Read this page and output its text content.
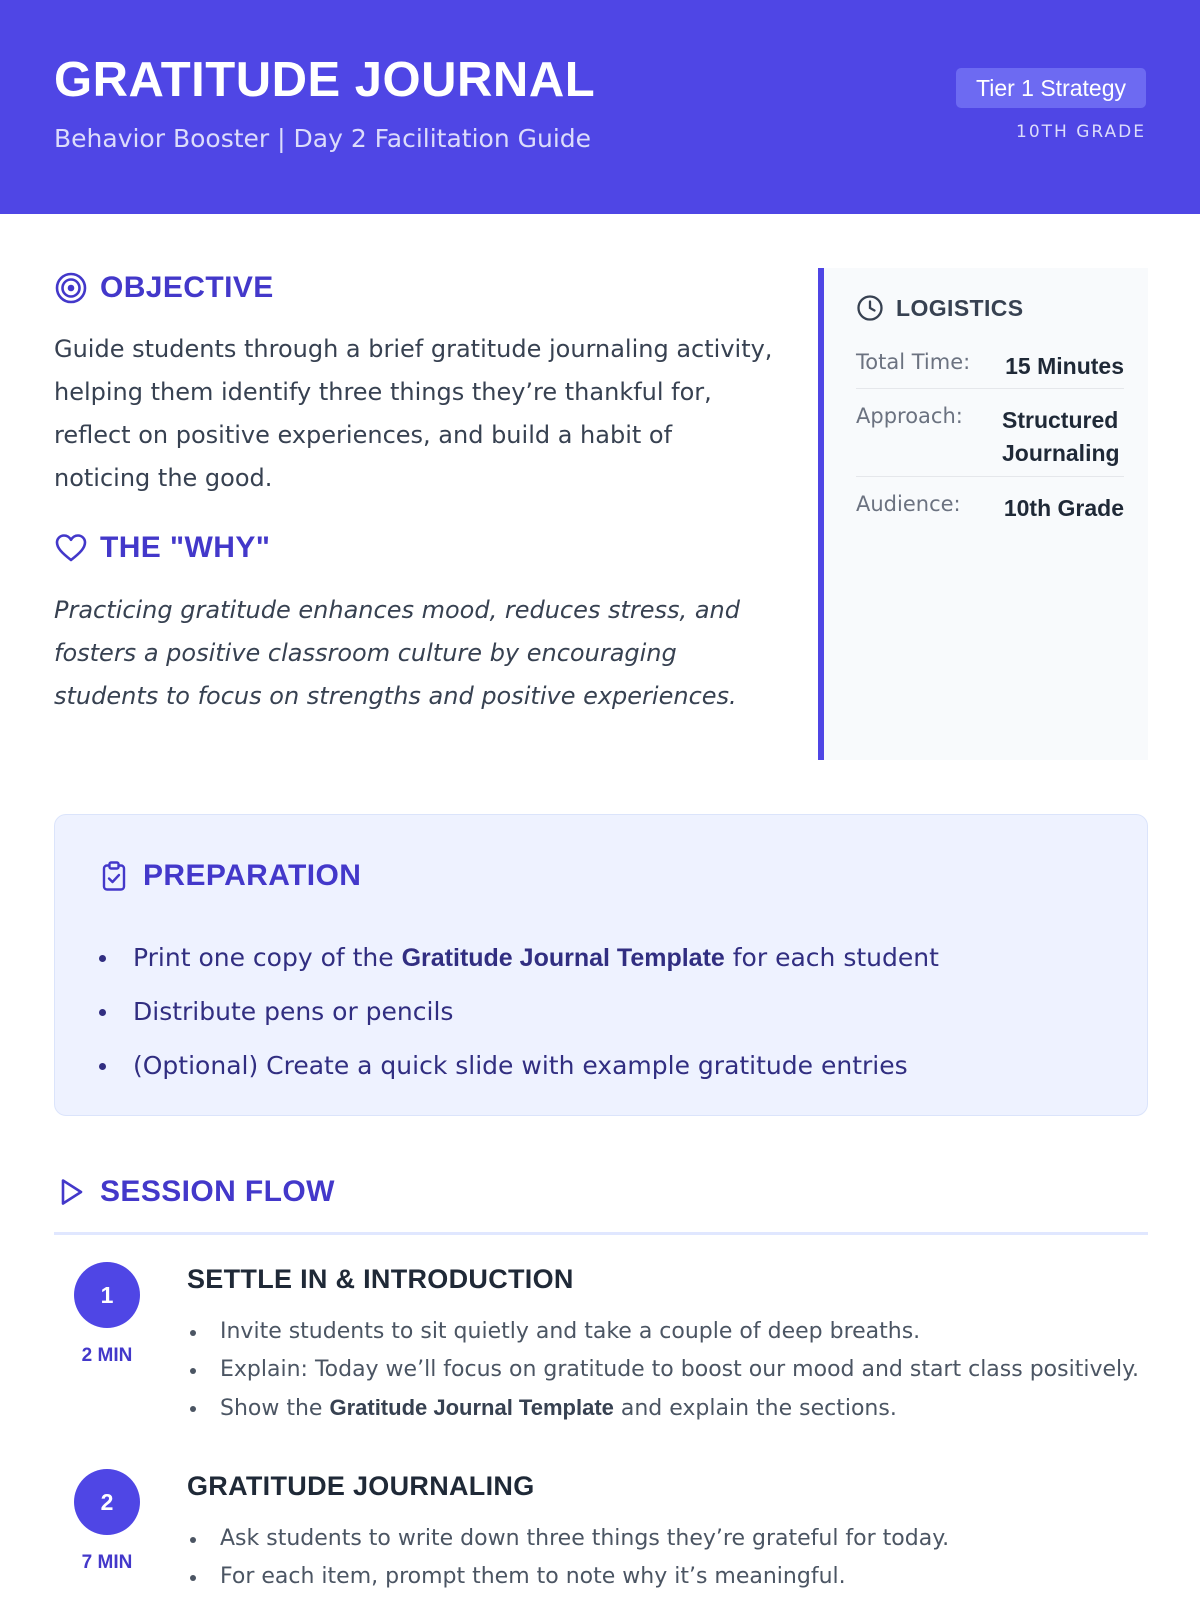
GRATITUDE JOURNAL
Behavior Booster | Day 2 Facilitation Guide
Tier 1 Strategy
10TH GRADE
OBJECTIVE

Guide students through a brief gratitude journaling activity, helping them identify three things they’re thankful for, reflect on positive experiences, and build a habit of noticing the good.

THE "WHY"

Practicing gratitude enhances mood, reduces stress, and fosters a positive classroom culture by encouraging students to focus on strengths and positive experiences.

LOGISTICS
Total Time: 15 Minutes
Approach: Structured Journaling
Audience: 10th Grade
PREPARATION
Print one copy of the Gratitude Journal Template for each student
Distribute pens or pencils
(Optional) Create a quick slide with example gratitude entries
SESSION FLOW
1
2 MIN
SETTLE IN & INTRODUCTION
Invite students to sit quietly and take a couple of deep breaths.
Explain: Today we’ll focus on gratitude to boost our mood and start class positively.
Show the Gratitude Journal Template and explain the sections.
2
7 MIN
GRATITUDE JOURNALING
Ask students to write down three things they’re grateful for today.
For each item, prompt them to note why it’s meaningful.
